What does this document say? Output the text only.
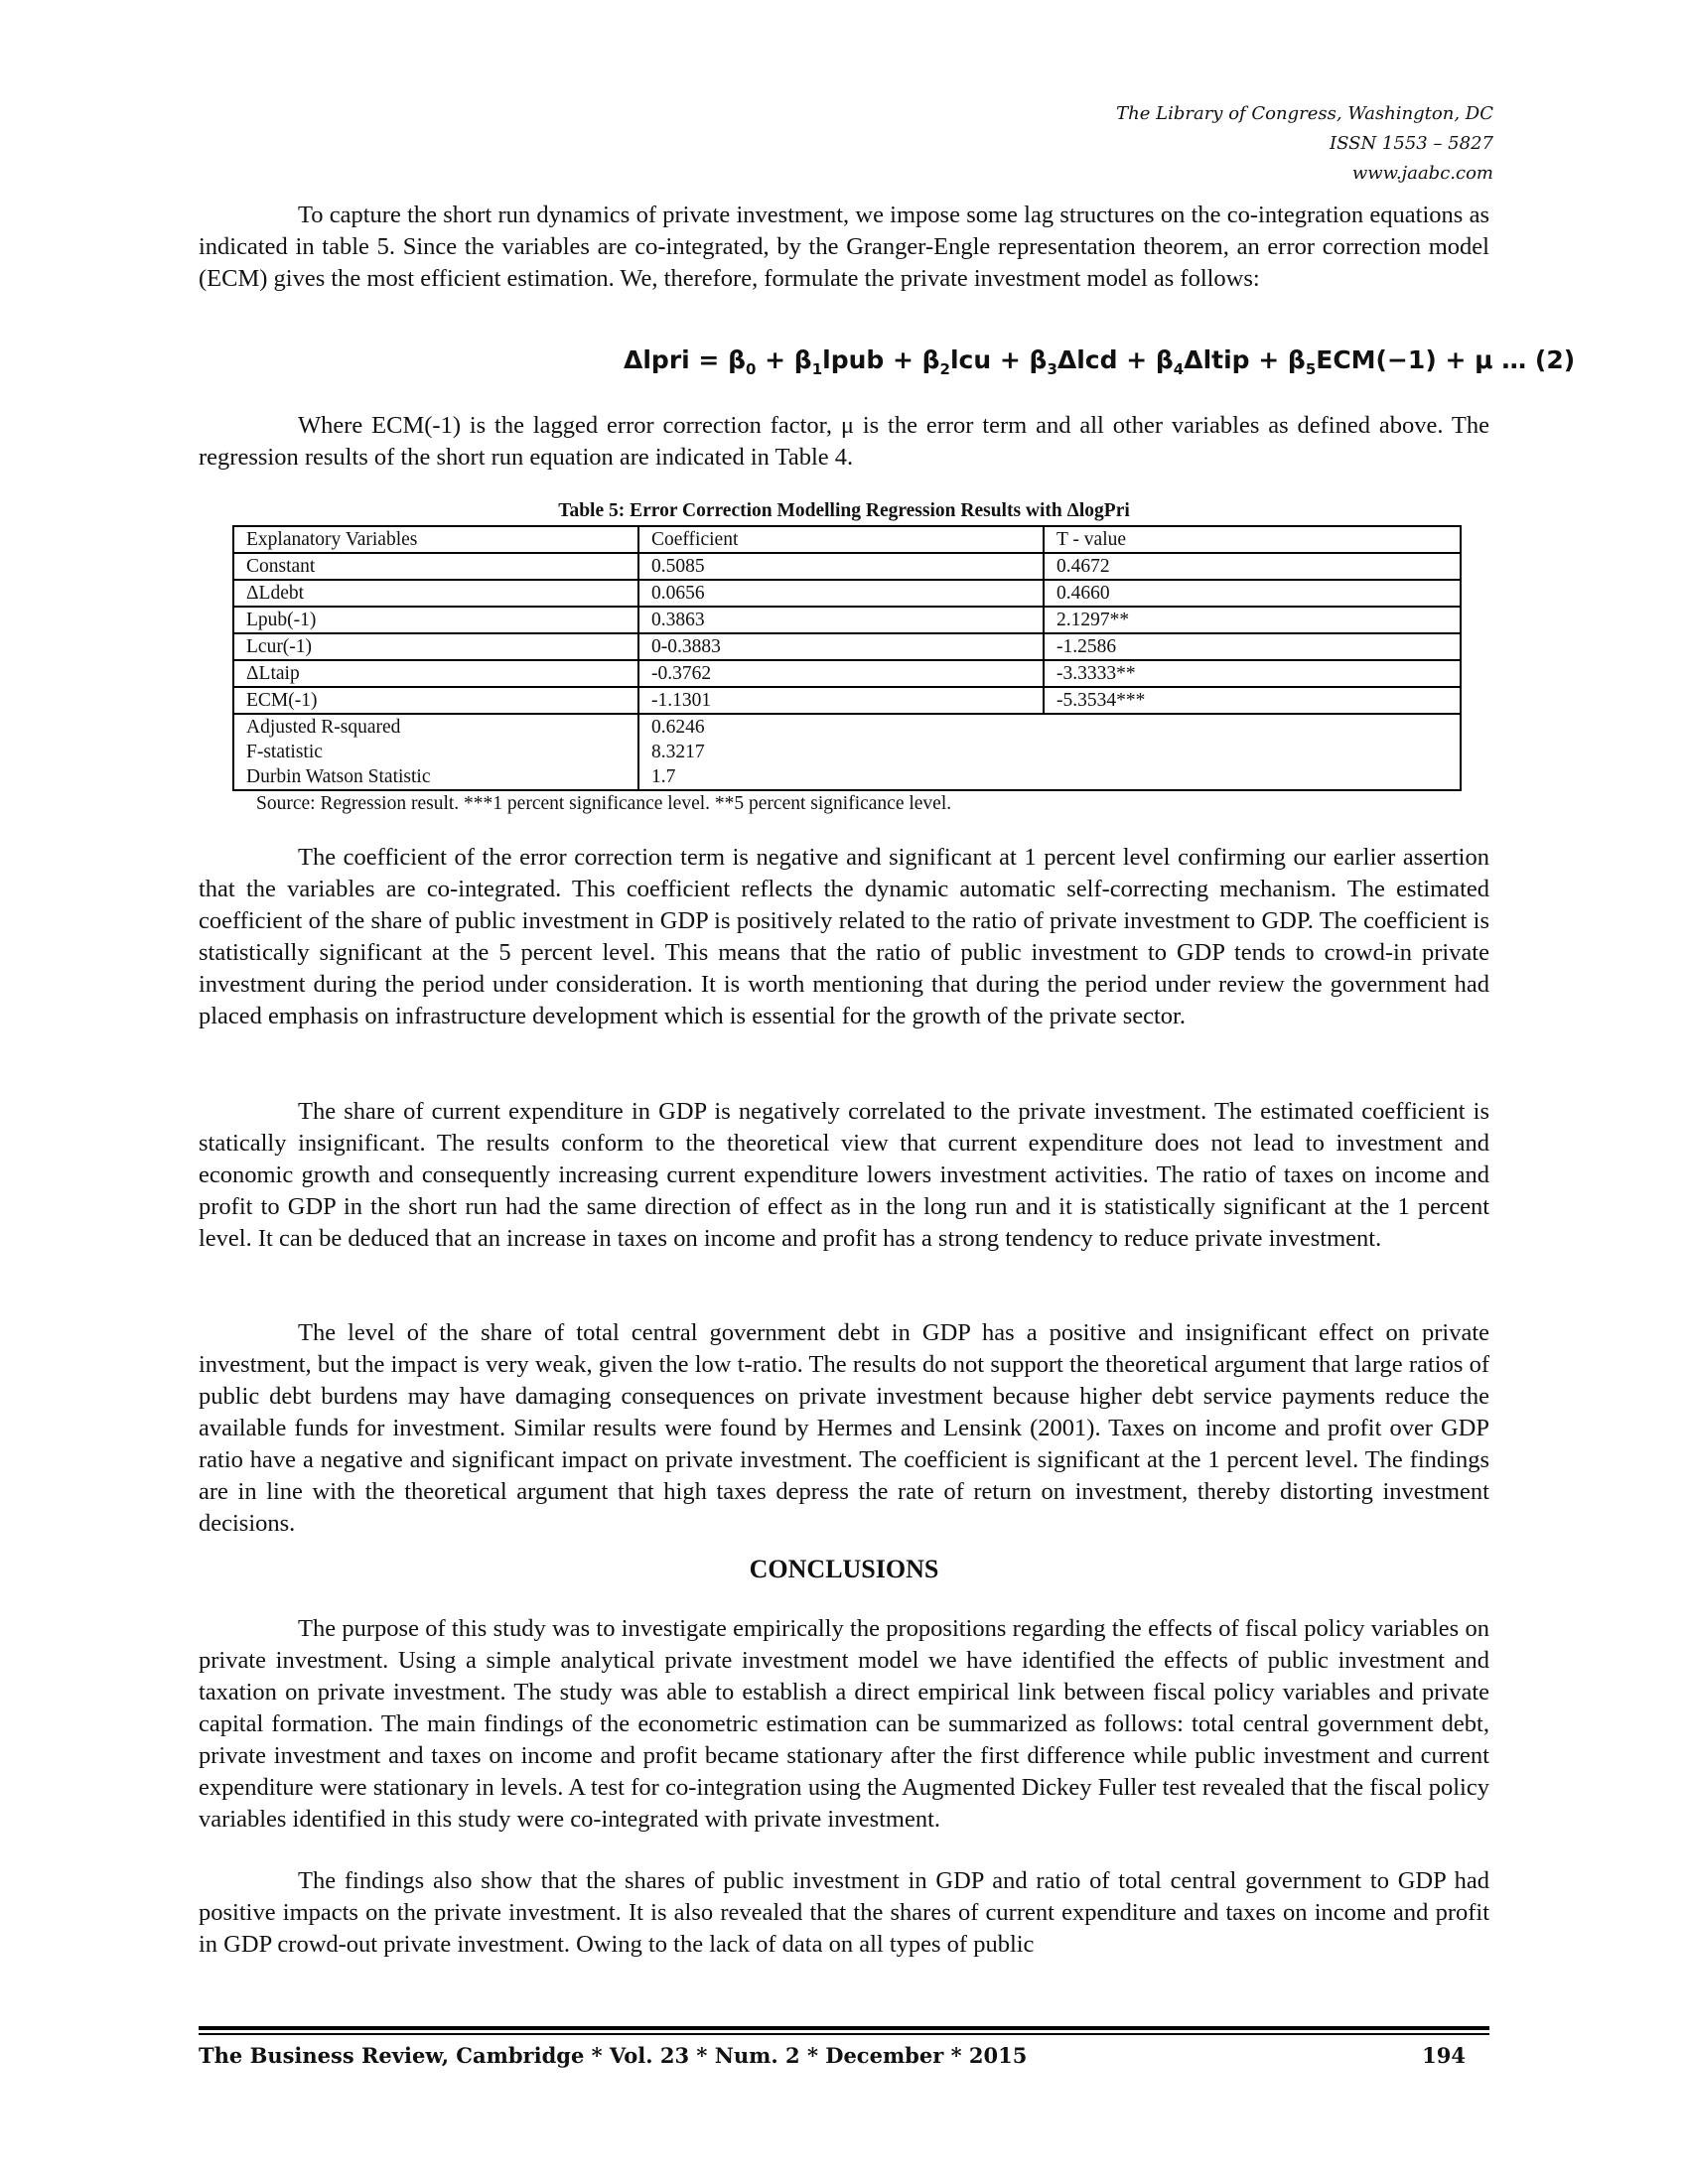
The Library of Congress, Washington, DC
ISSN 1553 – 5827
www.jaabc.com

To capture the short run dynamics of private investment, we impose some lag structures on the co-integration equations as indicated in table 5. Since the variables are co-integrated, by the Granger-Engle representation theorem, an error correction model (ECM) gives the most efficient estimation. We, therefore, formulate the private investment model as follows:

Δlpri = $\beta_0$ + $\beta_1lpub + \beta_2lcu + \beta_3\Delta lcd$ + $\beta_4\Delta ltip + \beta_5ECM(-1) + \mu$ … (2)

Where ECM(-1) is the lagged error correction factor, μ is the error term and all other variables as defined above. The regression results of the short run equation are indicated in Table 4.

Table 5: Error Correction Modelling Regression Results with ΔlogPri
Explanatory Variables	Coefficient	T - value
Constant	0.5085	0.4672
ΔLdebt	0.0656	0.4660
Lpub(-1)	0.3863	2.1297**
Lcur(-1)	0-0.3883	-1.2586
ΔLtaip	-0.3762	-3.3333**
ECM(-1)	-1.1301	-5.3534***
Adjusted R-squared	0.6246	
F-statistic	8.3217	
Durbin Watson Statistic	1.7	
Source: Regression result. ***1 percent significance level. **5 percent significance level.

The coefficient of the error correction term is negative and significant at 1 percent level confirming our earlier assertion that the variables are co-integrated. This coefficient reflects the dynamic automatic self-correcting mechanism. The estimated coefficient of the share of public investment in GDP is positively related to the ratio of private investment to GDP. The coefficient is statistically significant at the 5 percent level. This means that the ratio of public investment to GDP tends to crowd-in private investment during the period under consideration. It is worth mentioning that during the period under review the government had placed emphasis on infrastructure development which is essential for the growth of the private sector.

The share of current expenditure in GDP is negatively correlated to the private investment. The estimated coefficient is statically insignificant. The results conform to the theoretical view that current expenditure does not lead to investment and economic growth and consequently increasing current expenditure lowers investment activities. The ratio of taxes on income and profit to GDP in the short run had the same direction of effect as in the long run and it is statistically significant at the 1 percent level. It can be deduced that an increase in taxes on income and profit has a strong tendency to reduce private investment.

The level of the share of total central government debt in GDP has a positive and insignificant effect on private investment, but the impact is very weak, given the low t-ratio. The results do not support the theoretical argument that large ratios of public debt burdens may have damaging consequences on private investment because higher debt service payments reduce the available funds for investment. Similar results were found by Hermes and Lensink (2001). Taxes on income and profit over GDP ratio have a negative and significant impact on private investment. The coefficient is significant at the 1 percent level. The findings are in line with the theoretical argument that high taxes depress the rate of return on investment, thereby distorting investment decisions.

CONCLUSIONS

The purpose of this study was to investigate empirically the propositions regarding the effects of fiscal policy variables on private investment. Using a simple analytical private investment model we have identified the effects of public investment and taxation on private investment. The study was able to establish a direct empirical link between fiscal policy variables and private capital formation. The main findings of the econometric estimation can be summarized as follows: total central government debt, private investment and taxes on income and profit became stationary after the first difference while public investment and current expenditure were stationary in levels. A test for co-integration using the Augmented Dickey Fuller test revealed that the fiscal policy variables identified in this study were co-integrated with private investment.

The findings also show that the shares of public investment in GDP and ratio of total central government to GDP had positive impacts on the private investment. It is also revealed that the shares of current expenditure and taxes on income and profit in GDP crowd-out private investment. Owing to the lack of data on all types of public

The Business Review, Cambridge * Vol. 23 * Num. 2 * December * 2015	194
